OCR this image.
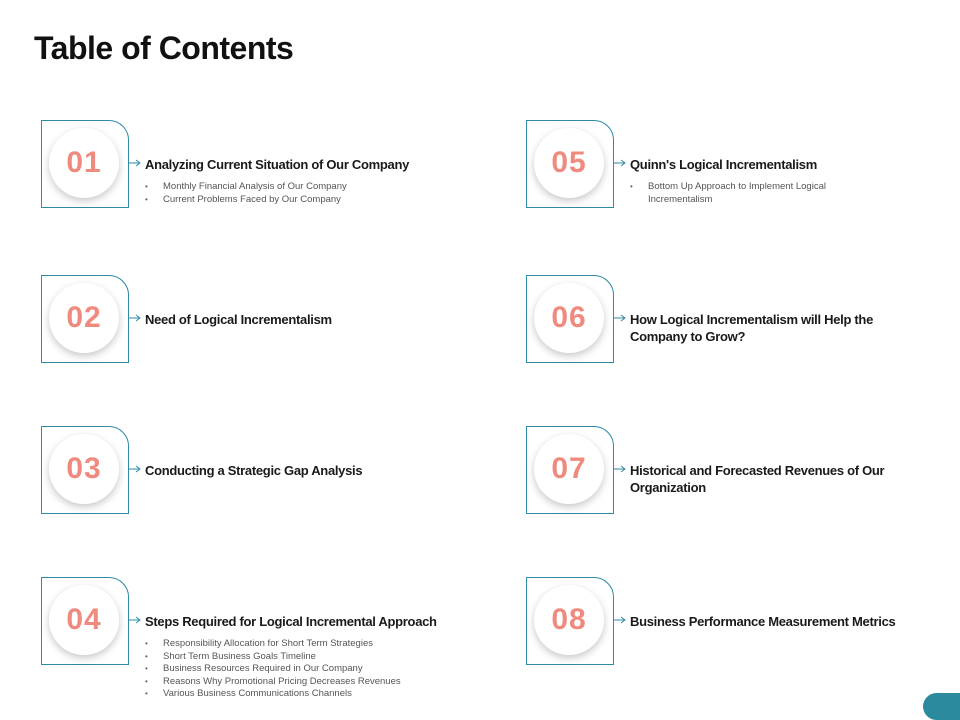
Table of Contents
01	Analyzing Current Situation of Our Company
• Monthly Financial Analysis of Our Company
• Current Problems Faced by Our Company
02	Need of Logical Incrementalism
03	Conducting a Strategic Gap Analysis
04	Steps Required for Logical Incremental Approach
• Responsibility Allocation for Short Term Strategies
• Short Term Business Goals Timeline
• Business Resources Required in Our Company
• Reasons Why Promotional Pricing Decreases Revenues
• Various Business Communications Channels
05	Quinn's Logical Incrementalism
• Bottom Up Approach to Implement Logical Incrementalism
06	How Logical Incrementalism will Help the Company to Grow?
07	Historical and Forecasted Revenues of Our Organization
08	Business Performance Measurement Metrics
